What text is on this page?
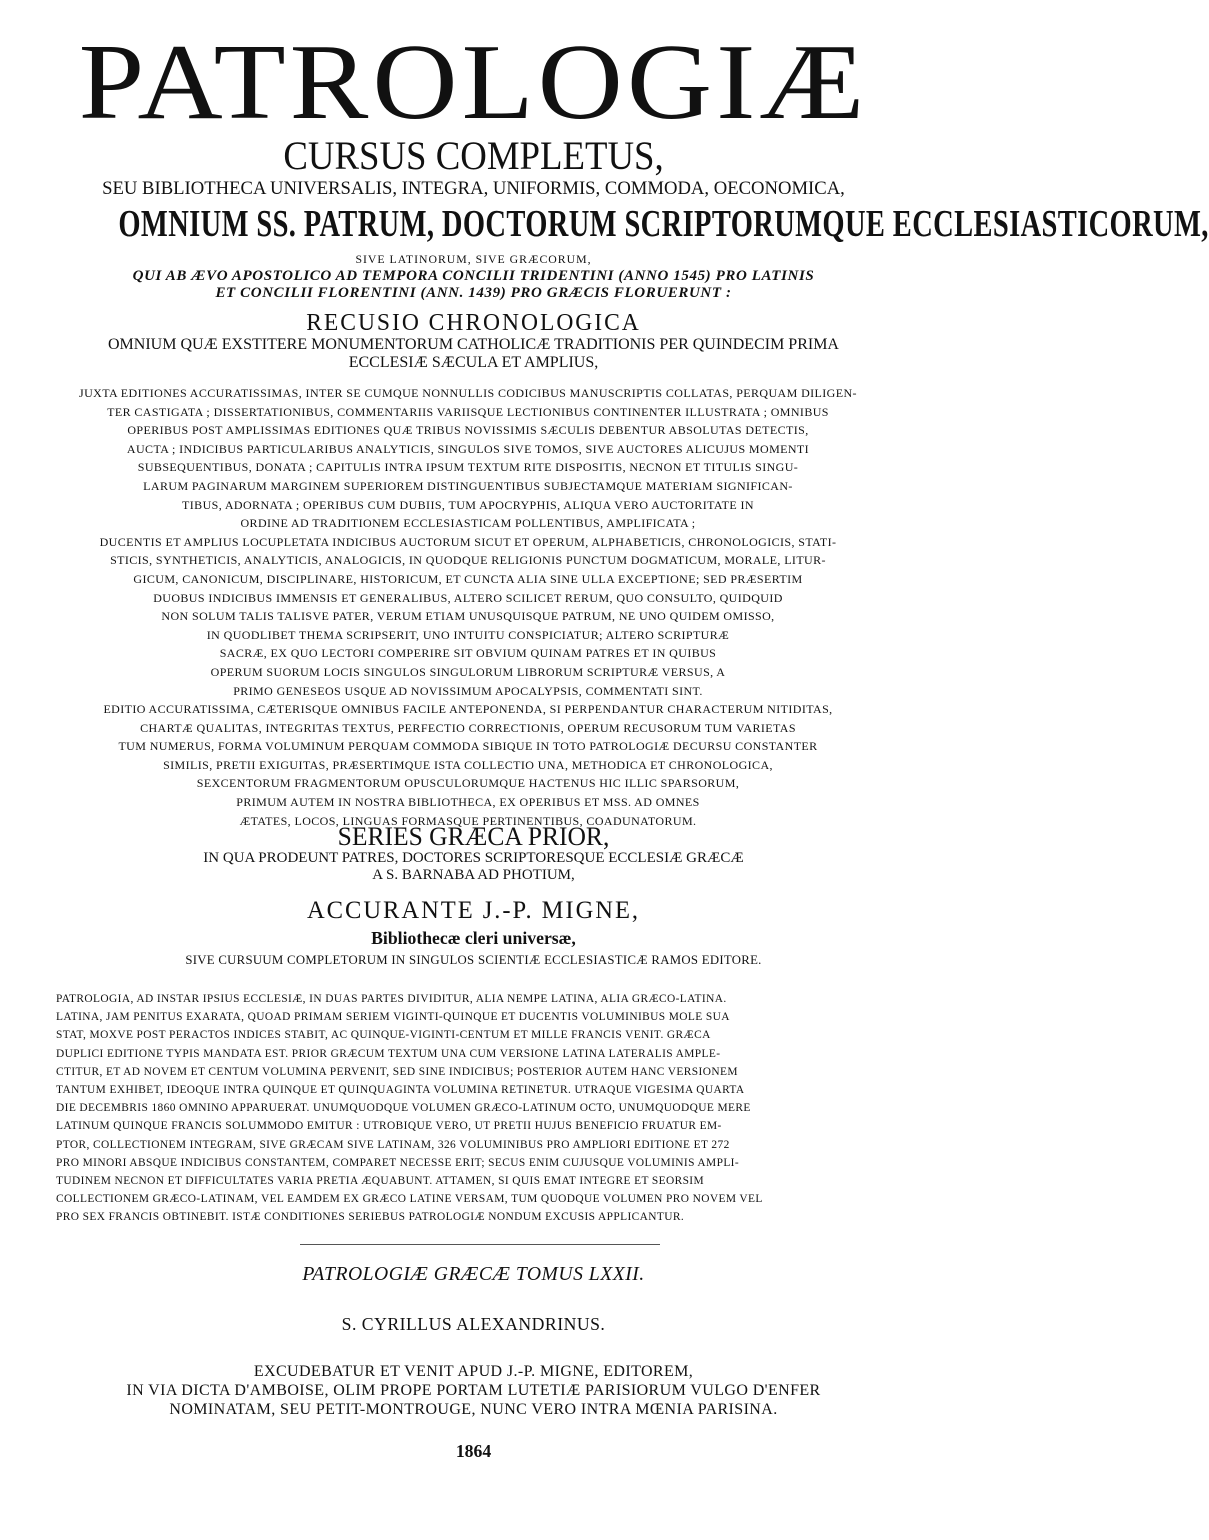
PATROLOGIÆ

CURSUS COMPLETUS,

SEU BIBLIOTHECA UNIVERSALIS, INTEGRA, UNIFORMIS, COMMODA, OECONOMICA,

OMNIUM SS. PATRUM, DOCTORUM SCRIPTORUMQUE ECCLESIASTICORUM,

SIVE LATINORUM, SIVE GRÆCORUM,

QUI AB ÆVO APOSTOLICO AD TEMPORA CONCILII TRIDENTINI (ANNO 1545) PRO LATINIS

ET CONCILII FLORENTINI (ANN. 1439) PRO GRÆCIS FLORUERUNT :

RECUSIO CHRONOLOGICA

OMNIUM QUÆ EXSTITERE MONUMENTORUM CATHOLICÆ TRADITIONIS PER QUINDECIM PRIMA

ECCLESIÆ SÆCULA ET AMPLIUS,

JUXTA EDITIONES ACCURATISSIMAS, INTER SE CUMQUE NONNULLIS CODICIBUS MANUSCRIPTIS COLLATAS, PERQUAM DILIGEN-

TER CASTIGATA ; DISSERTATIONIBUS, COMMENTARIIS VARIISQUE LECTIONIBUS CONTINENTER ILLUSTRATA ; OMNIBUS

OPERIBUS POST AMPLISSIMAS EDITIONES QUÆ TRIBUS NOVISSIMIS SÆCULIS DEBENTUR ABSOLUTAS DETECTIS,

AUCTA ; INDICIBUS PARTICULARIBUS ANALYTICIS, SINGULOS SIVE TOMOS, SIVE AUCTORES ALICUJUS MOMENTI

SUBSEQUENTIBUS, DONATA ; CAPITULIS INTRA IPSUM TEXTUM RITE DISPOSITIS, NECNON ET TITULIS SINGU-

LARUM PAGINARUM MARGINEM SUPERIOREM DISTINGUENTIBUS SUBJECTAMQUE MATERIAM SIGNIFICAN-

TIBUS, ADORNATA ; OPERIBUS CUM DUBIIS, TUM APOCRYPHIS, ALIQUA VERO AUCTORITATE IN

ORDINE AD TRADITIONEM ECCLESIASTICAM POLLENTIBUS, AMPLIFICATA ;

DUCENTIS ET AMPLIUS LOCUPLETATA INDICIBUS AUCTORUM SICUT ET OPERUM, ALPHABETICIS, CHRONOLOGICIS, STATI-

STICIS, SYNTHETICIS, ANALYTICIS, ANALOGICIS, IN QUODQUE RELIGIONIS PUNCTUM DOGMATICUM, MORALE, LITUR-

GICUM, CANONICUM, DISCIPLINARE, HISTORICUM, ET CUNCTA ALIA SINE ULLA EXCEPTIONE; SED PRÆSERTIM

DUOBUS INDICIBUS IMMENSIS ET GENERALIBUS, ALTERO SCILICET RERUM, QUO CONSULTO, QUIDQUID

NON SOLUM TALIS TALISVE PATER, VERUM ETIAM UNUSQUISQUE PATRUM, NE UNO QUIDEM OMISSO,

IN QUODLIBET THEMA SCRIPSERIT, UNO INTUITU CONSPICIATUR; ALTERO SCRIPTURÆ

SACRÆ, EX QUO LECTORI COMPERIRE SIT OBVIUM QUINAM PATRES ET IN QUIBUS

OPERUM SUORUM LOCIS SINGULOS SINGULORUM LIBRORUM SCRIPTURÆ VERSUS, A

PRIMO GENESEOS USQUE AD NOVISSIMUM APOCALYPSIS, COMMENTATI SINT.

EDITIO ACCURATISSIMA, CÆTERISQUE OMNIBUS FACILE ANTEPONENDA, SI PERPENDANTUR CHARACTERUM NITIDITAS,

CHARTÆ QUALITAS, INTEGRITAS TEXTUS, PERFECTIO CORRECTIONIS, OPERUM RECUSORUM TUM VARIETAS

TUM NUMERUS, FORMA VOLUMINUM PERQUAM COMMODA SIBIQUE IN TOTO PATROLOGIÆ DECURSU CONSTANTER

SIMILIS, PRETII EXIGUITAS, PRÆSERTIMQUE ISTA COLLECTIO UNA, METHODICA ET CHRONOLOGICA,

SEXCENTORUM FRAGMENTORUM OPUSCULORUMQUE HACTENUS HIC ILLIC SPARSORUM,

PRIMUM AUTEM IN NOSTRA BIBLIOTHECA, EX OPERIBUS ET MSS. AD OMNES

ÆTATES, LOCOS, LINGUAS FORMASQUE PERTINENTIBUS, COADUNATORUM.

SERIES GRÆCA PRIOR,

IN QUA PRODEUNT PATRES, DOCTORES SCRIPTORESQUE ECCLESIÆ GRÆCÆ

A S. BARNABA AD PHOTIUM,

ACCURANTE J.-P. MIGNE,

Bibliothecæ cleri universæ,

SIVE CURSUUM COMPLETORUM IN SINGULOS SCIENTIÆ ECCLESIASTICÆ RAMOS EDITORE.

PATROLOGIA, AD INSTAR IPSIUS ECCLESIÆ, IN DUAS PARTES DIVIDITUR, ALIA NEMPE LATINA, ALIA GRÆCO-LATINA.

LATINA, JAM PENITUS EXARATA, QUOAD PRIMAM SERIEM VIGINTI-QUINQUE ET DUCENTIS VOLUMINIBUS MOLE SUA

STAT, MOXVE POST PERACTOS INDICES STABIT, AC QUINQUE-VIGINTI-CENTUM ET MILLE FRANCIS VENIT. GRÆCA

DUPLICI EDITIONE TYPIS MANDATA EST. PRIOR GRÆCUM TEXTUM UNA CUM VERSIONE LATINA LATERALIS AMPLE-

CTITUR, ET AD NOVEM ET CENTUM VOLUMINA PERVENIT, SED SINE INDICIBUS; POSTERIOR AUTEM HANC VERSIONEM

TANTUM EXHIBET, IDEOQUE INTRA QUINQUE ET QUINQUAGINTA VOLUMINA RETINETUR. UTRAQUE VIGESIMA QUARTA

DIE DECEMBRIS 1860 OMNINO APPARUERAT. UNUMQUODQUE VOLUMEN GRÆCO-LATINUM OCTO, UNUMQUODQUE MERE

LATINUM QUINQUE FRANCIS SOLUMMODO EMITUR : UTROBIQUE VERO, UT PRETII HUJUS BENEFICIO FRUATUR EM-

PTOR, COLLECTIONEM INTEGRAM, SIVE GRÆCAM SIVE LATINAM, 326 VOLUMINIBUS PRO AMPLIORI EDITIONE ET 272

PRO MINORI ABSQUE INDICIBUS CONSTANTEM, COMPARET NECESSE ERIT; SECUS ENIM CUJUSQUE VOLUMINIS AMPLI-

TUDINEM NECNON ET DIFFICULTATES VARIA PRETIA ÆQUABUNT. ATTAMEN, SI QUIS EMAT INTEGRE ET SEORSIM

COLLECTIONEM GRÆCO-LATINAM, VEL EAMDEM EX GRÆCO LATINE VERSAM, TUM QUODQUE VOLUMEN PRO NOVEM VEL

PRO SEX FRANCIS OBTINEBIT. ISTÆ CONDITIONES SERIEBUS PATROLOGIÆ NONDUM EXCUSIS APPLICANTUR.

PATROLOGIÆ GRÆCÆ TOMUS LXXII.

S. CYRILLUS ALEXANDRINUS.

EXCUDEBATUR ET VENIT APUD J.-P. MIGNE, EDITOREM,

IN VIA DICTA D'AMBOISE, OLIM PROPE PORTAM LUTETIÆ PARISIORUM VULGO D'ENFER

NOMINATAM, SEU PETIT-MONTROUGE, NUNC VERO INTRA MŒNIA PARISINA.

1864
